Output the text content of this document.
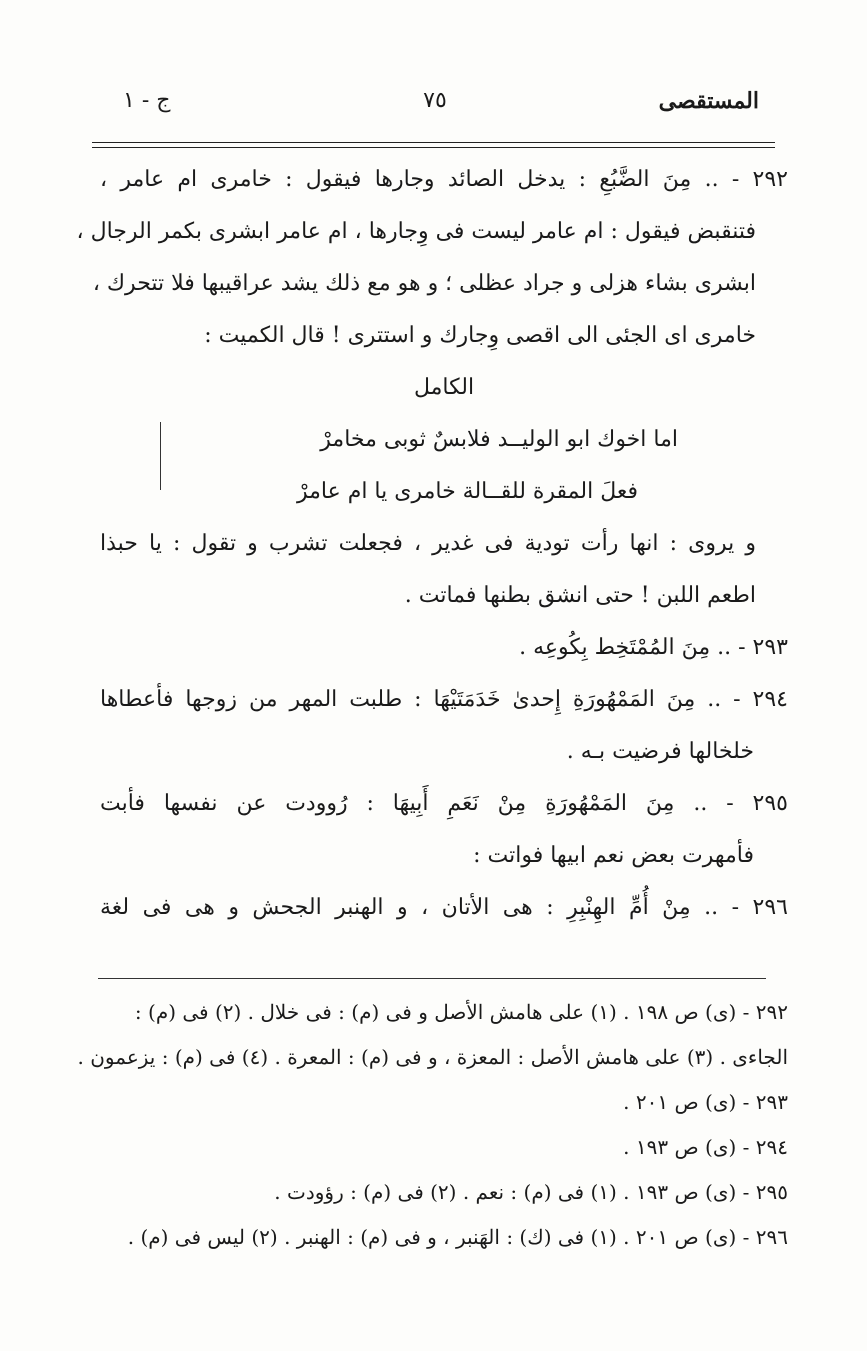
المستقصى
٧٥
ج - ١
٢٩٢ - .. مِنَ الضَّبُعِ : يدخل الصائد وجارها فيقول : خامرى ام عامر ،
فتنقبض فيقول : ام عامر ليست فى وِجارها ، ام عامر ابشرى بكمر الرجال ،
ابشرى بشاء هزلى و جراد عظلى ؛ و هو مع ذلك يشد عراقيبها فلا تتحرك ،
خامرى اى الجئى الى اقصى وِجارك و استترى ! قال الكميت :
الكامل
اما اخوك ابو الوليــد فلابسٌ ثوبى مخامرْ
فعلَ المقرة للقــالة خامرى يا ام عامرْ
و يروى : انها رأت تودية فى غدير ، فجعلت تشرب و تقول : يا حبذا
اطعم اللبن ! حتى انشق بطنها فماتت .
٢٩٣ - .. مِنَ المُمْتَخِط بِكُوعِه .
٢٩٤ - .. مِنَ المَمْهُورَةِ إِحدىٰ خَدَمَتَيْهَا : طلبت المهر من زوجها فأعطاها
خلخالها فرضيت بـه .
٢٩٥ - .. مِنَ المَمْهُورَةِ مِنْ نَعَمِ أَبِيهَا : رُوودت عن نفسها فأبت
فأمهرت بعض نعم ابيها فواتت :
٢٩٦ - .. مِنْ أُمِّ الهِنْبِرِ : هى الأتان ، و الهنبر الجحش و هى فى لغة
٢٩٢ - (ى) ص ١٩٨ . (١) على هامش الأصل و فى (م) : فى خلال . (٢) فى (م) :
الجاءى . (٣) على هامش الأصل : المعزة ، و فى (م) : المعرة . (٤) فى (م) : يزعمون .
٢٩٣ - (ى) ص ٢٠١ .
٢٩٤ - (ى) ص ١٩٣ .
٢٩٥ - (ى) ص ١٩٣ . (١) فى (م) : نعم . (٢) فى (م) : رؤودت .
٢٩٦ - (ى) ص ٢٠١ . (١) فى (ك) : الهَنبر ، و فى (م) : الهنبر . (٢) ليس فى (م) .
